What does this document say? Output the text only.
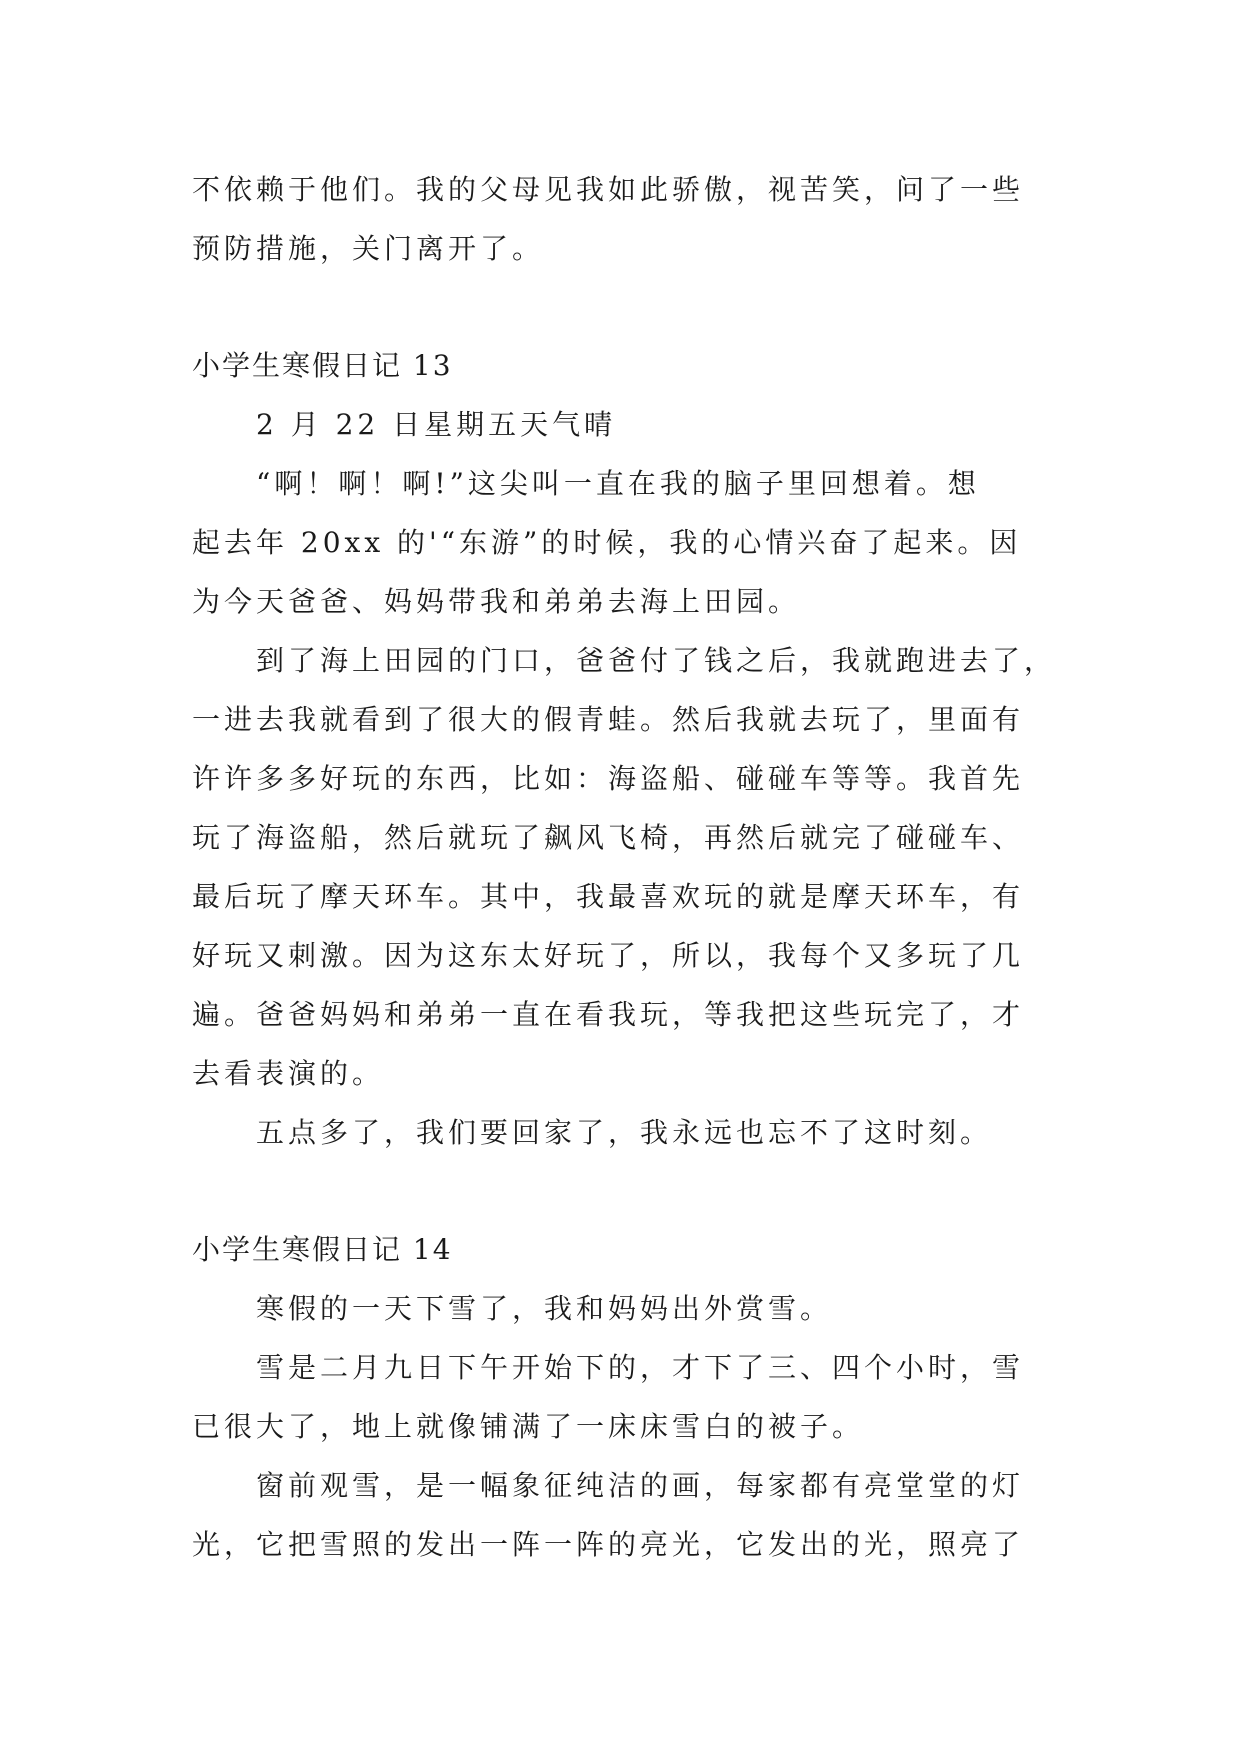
不依赖于他们。我的父母见我如此骄傲，视苦笑，问了一些
预防措施，关门离开了。
小学生寒假日记 13
2 月 22 日星期五天气晴
“啊！啊！啊!”这尖叫一直在我的脑子里回想着。想
起去年 20xx 的'“东游”的时候，我的心情兴奋了起来。因
为今天爸爸、妈妈带我和弟弟去海上田园。
到了海上田园的门口，爸爸付了钱之后，我就跑进去了，
一进去我就看到了很大的假青蛙。然后我就去玩了，里面有
许许多多好玩的东西，比如：海盗船、碰碰车等等。我首先
玩了海盗船，然后就玩了飙风飞椅，再然后就完了碰碰车、
最后玩了摩天环车。其中，我最喜欢玩的就是摩天环车，有
好玩又刺激。因为这东太好玩了，所以，我每个又多玩了几
遍。爸爸妈妈和弟弟一直在看我玩，等我把这些玩完了，才
去看表演的。
五点多了，我们要回家了，我永远也忘不了这时刻。
小学生寒假日记 14
寒假的一天下雪了，我和妈妈出外赏雪。
雪是二月九日下午开始下的，才下了三、四个小时，雪
已很大了，地上就像铺满了一床床雪白的被子。
窗前观雪，是一幅象征纯洁的画，每家都有亮堂堂的灯
光，它把雪照的发出一阵一阵的亮光，它发出的光，照亮了
